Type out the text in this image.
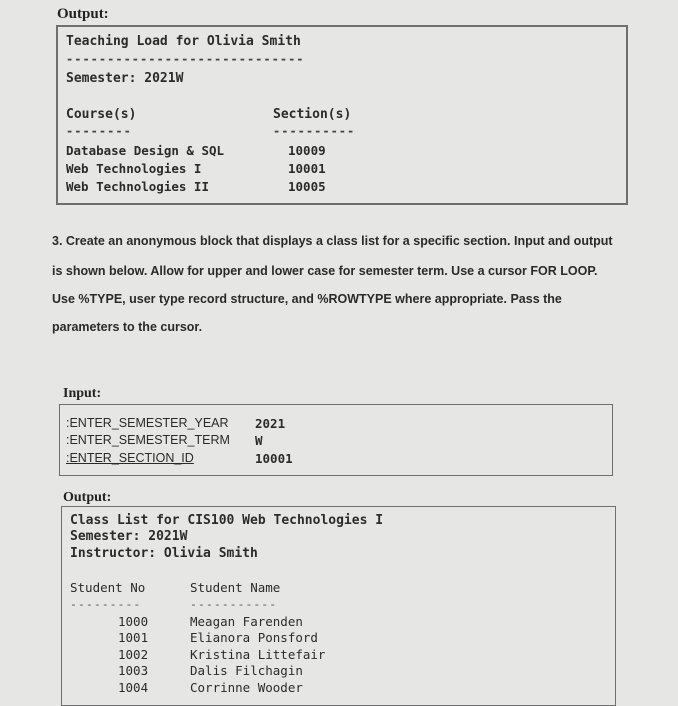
Output:
Teaching Load for Olivia Smith
-----------------------------
Semester: 2021W
Course(s)	Section(s)
--------	----------
Database Design & SQL	10009
Web Technologies I	10001
Web Technologies II	10005
3. Create an anonymous block that displays a class list for a specific section. Input and output
is shown below. Allow for upper and lower case for semester term. Use a cursor FOR LOOP.
Use %TYPE, user type record structure, and %ROWTYPE where appropriate. Pass the
parameters to the cursor.
Input:
:ENTER_SEMESTER_YEAR 2021
:ENTER_SEMESTER_TERM W
:ENTER_SECTION_ID	10001
Output:
Class List for CIS100 Web Technologies I
Semester: 2021W
Instructor: Olivia Smith
Student No	Student Name
---------	-----------
1000	Meagan Farenden
1001	Elianora Ponsford
1002	Kristina Littefair
1003	Dalis Filchagin
1004	Corrinne Wooder
